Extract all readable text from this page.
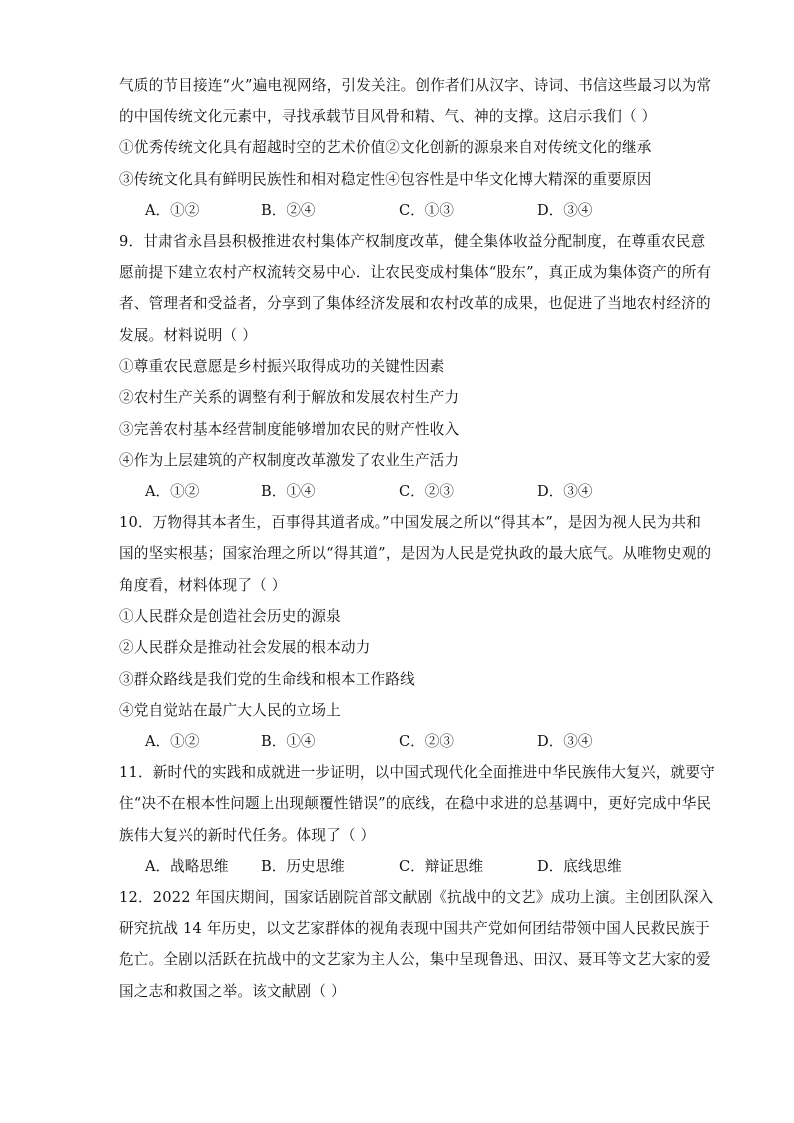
气质的节目接连“火”遍电视网络，引发关注。创作者们从汉字、诗词、书信这些最习以为常
的中国传统文化元素中，寻找承载节目风骨和精、气、神的支撑。这启示我们（ ）
①优秀传统文化具有超越时空的艺术价值②文化创新的源泉来自对传统文化的继承
③传统文化具有鲜明民族性和相对稳定性④包容性是中华文化博大精深的重要原因
A．①②	B．②④	C．①③	D．③④
9．甘肃省永昌县积极推进农村集体产权制度改革，健全集体收益分配制度，在尊重农民意
愿前提下建立农村产权流转交易中心．让农民变成村集体“股东”，真正成为集体资产的所有
者、管理者和受益者，分享到了集体经济发展和农村改革的成果，也促进了当地农村经济的
发展。材料说明（ ）
①尊重农民意愿是乡村振兴取得成功的关键性因素
②农村生产关系的调整有利于解放和发展农村生产力
③完善农村基本经营制度能够增加农民的财产性收入
④作为上层建筑的产权制度改革激发了农业生产活力
A．①②	B．①④	C．②③	D．③④
10．万物得其本者生，百事得其道者成。”中国发展之所以“得其本”，是因为视人民为共和
国的坚实根基；国家治理之所以“得其道”，是因为人民是党执政的最大底气。从唯物史观的
角度看，材料体现了（ ）
①人民群众是创造社会历史的源泉
②人民群众是推动社会发展的根本动力
③群众路线是我们党的生命线和根本工作路线
④党自觉站在最广大人民的立场上
A．①②	B．①④	C．②③	D．③④
11．新时代的实践和成就进一步证明，以中国式现代化全面推进中华民族伟大复兴，就要守
住“决不在根本性问题上出现颠覆性错误”的底线，在稳中求进的总基调中，更好完成中华民
族伟大复兴的新时代任务。体现了（ ）
A．战略思维 B．历史思维	C．辩证思维	D．底线思维
12．2022 年国庆期间，国家话剧院首部文献剧《抗战中的文艺》成功上演。主创团队深入
研究抗战 14 年历史，以文艺家群体的视角表现中国共产党如何团结带领中国人民救民族于
危亡。全剧以活跃在抗战中的文艺家为主人公，集中呈现鲁迅、田汉、聂耳等文艺大家的爱
国之志和救国之举。该文献剧（ ）
